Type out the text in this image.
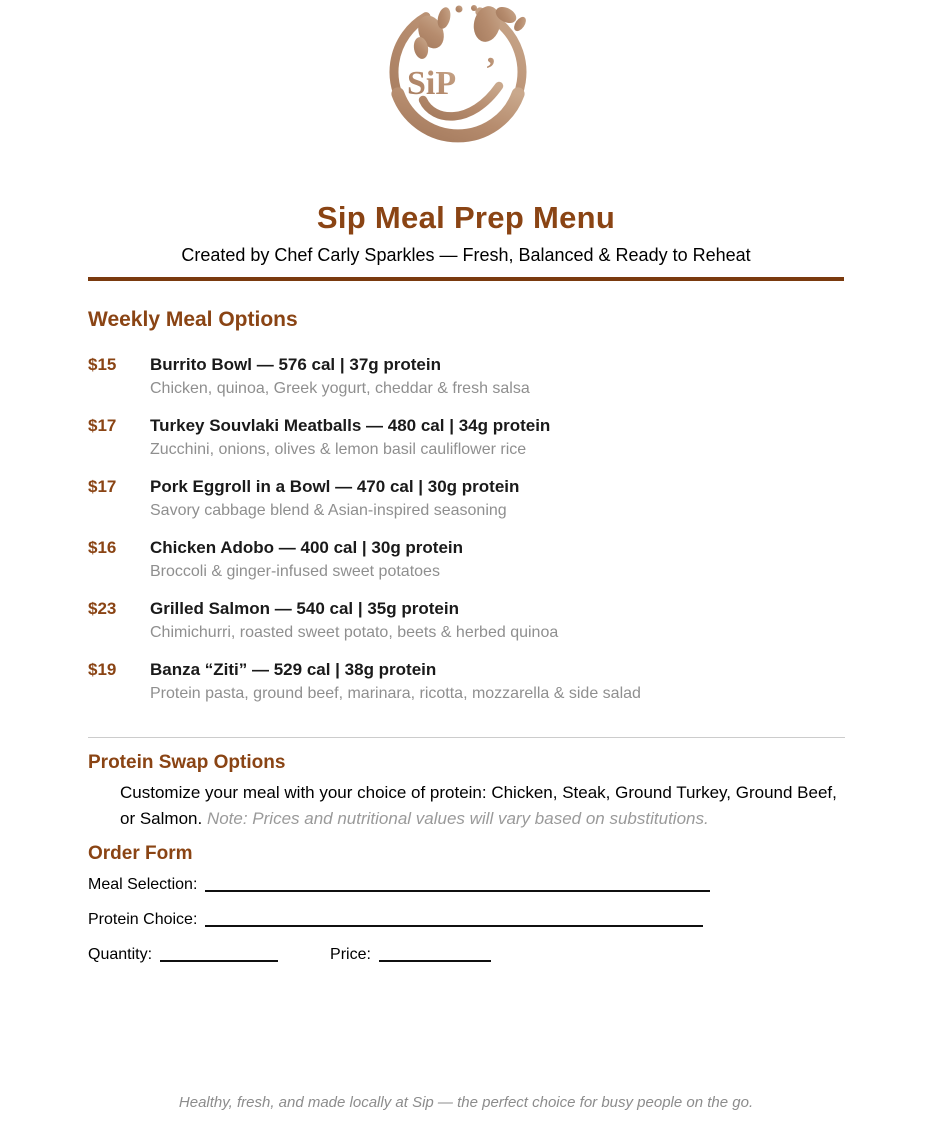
SiP ’
Sip Meal Prep Menu
Created by Chef Carly Sparkles — Fresh, Balanced & Ready to Reheat
Weekly Meal Options
$15	Burrito Bowl — 576 cal | 37g protein
Chicken, quinoa, Greek yogurt, cheddar & fresh salsa
$17	Turkey Souvlaki Meatballs — 480 cal | 34g protein
Zucchini, onions, olives & lemon basil cauliflower rice
$17	Pork Eggroll in a Bowl — 470 cal | 30g protein
Savory cabbage blend & Asian-inspired seasoning
$16	Chicken Adobo — 400 cal | 30g protein
Broccoli & ginger-infused sweet potatoes
$23	Grilled Salmon — 540 cal | 35g protein
Chimichurri, roasted sweet potato, beets & herbed quinoa
$19	Banza “Ziti” — 529 cal | 38g protein
Protein pasta, ground beef, marinara, ricotta, mozzarella & side salad
Protein Swap Options

Customize your meal with your choice of protein: Chicken, Steak, Ground Turkey, Ground Beef, or Salmon. Note: Prices and nutritional values will vary based on substitutions.

Order Form
Meal Selection:
Protein Choice:
Quantity:	Price:
Healthy, fresh, and made locally at Sip — the perfect choice for busy people on the go.
